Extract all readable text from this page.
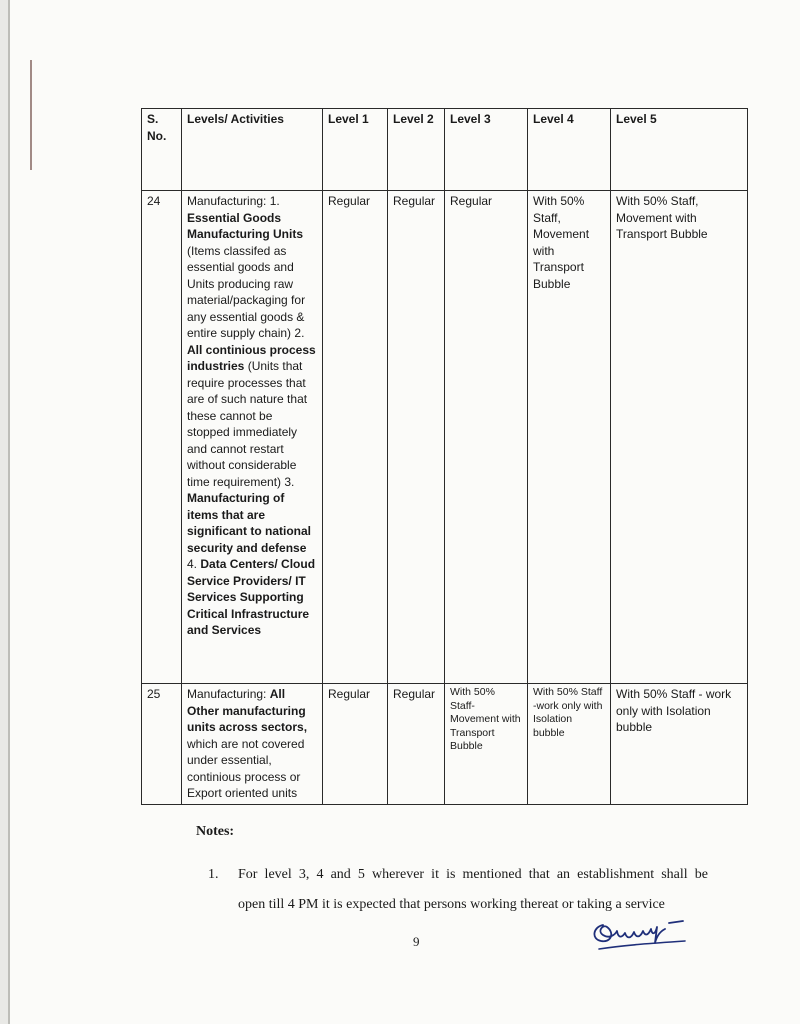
S. No.	Levels/ Activities	Level 1	Level 2	Level 3	Level 4	Level 5
24	Manufacturing: 1. Essential Goods Manufacturing Units (Items classifed as essential goods and Units producing raw material/packaging for any essential goods & entire supply chain) 2. All continious process industries (Units that require processes that are of such nature that these cannot be stopped immediately and cannot restart without considerable time requirement) 3. Manufacturing of items that are significant to national security and defense 4. Data Centers/ Cloud Service Providers/ IT Services Supporting Critical Infrastructure and Services	Regular	Regular	Regular	With 50% Staff, Movement with Transport Bubble	With 50% Staff, Movement with Transport Bubble
25	Manufacturing: All Other manufacturing units across sectors, which are not covered under essential, continious process or Export oriented units	Regular	Regular	With 50% Staff-Movement with Transport Bubble	With 50% Staff -work only with Isolation bubble	With 50% Staff - work only with Isolation bubble
Notes:
1. For level 3, 4 and 5 wherever it is mentioned that an establishment shall be
open till 4 PM it is expected that persons working thereat or taking a service
9
